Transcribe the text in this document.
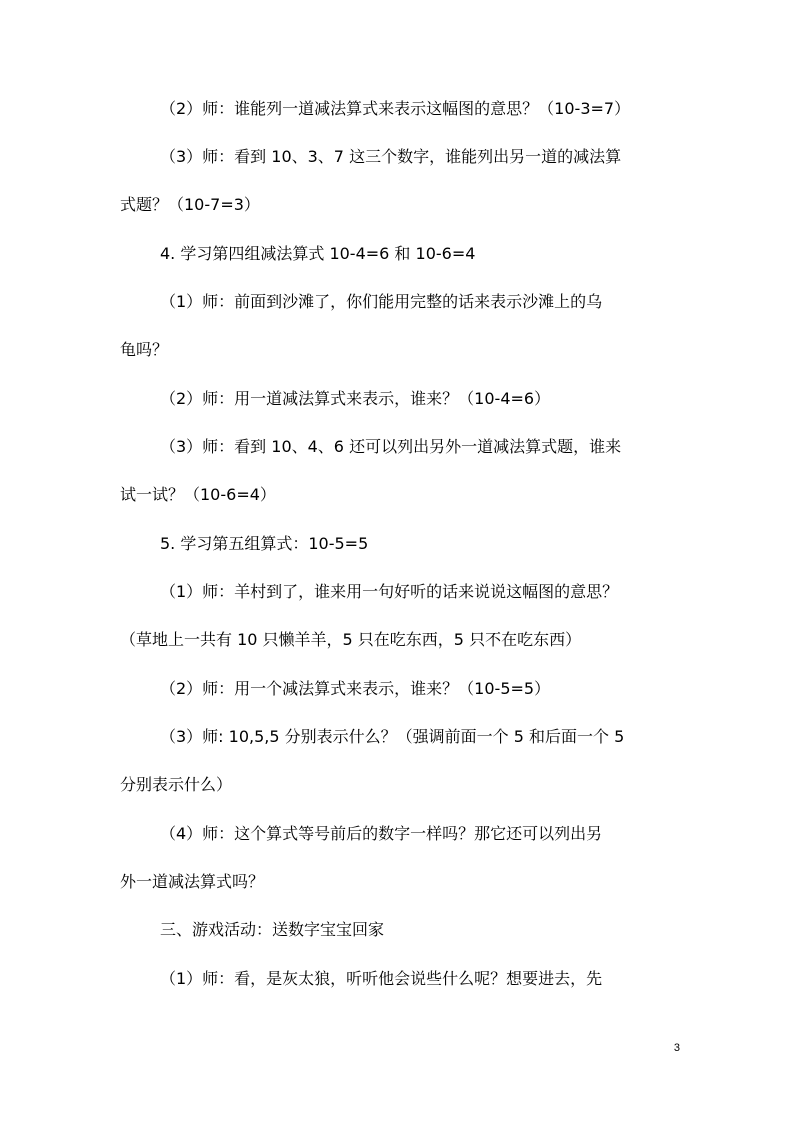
（2）师：谁能列一道减法算式来表示这幅图的意思？（10-3=7）
（3）师：看到 10、3、7 这三个数字，谁能列出另一道的减法算
式题？（10-7=3）
4. 学习第四组减法算式 10-4=6 和 10-6=4
（1）师：前面到沙滩了，你们能用完整的话来表示沙滩上的乌
龟吗？
（2）师：用一道减法算式来表示，谁来？（10-4=6）
（3）师：看到 10、4、6 还可以列出另外一道减法算式题，谁来
试一试？（10-6=4）
5. 学习第五组算式：10-5=5
（1）师：羊村到了，谁来用一句好听的话来说说这幅图的意思？
（草地上一共有 10 只懒羊羊，5 只在吃东西，5 只不在吃东西）
（2）师：用一个减法算式来表示，谁来？（10-5=5）
（3）师: 10,5,5 分别表示什么？（强调前面一个 5 和后面一个 5
分别表示什么）
（4）师：这个算式等号前后的数字一样吗？那它还可以列出另
外一道减法算式吗？
三、游戏活动：送数字宝宝回家
（1）师：看，是灰太狼，听听他会说些什么呢？想要进去，先
3
